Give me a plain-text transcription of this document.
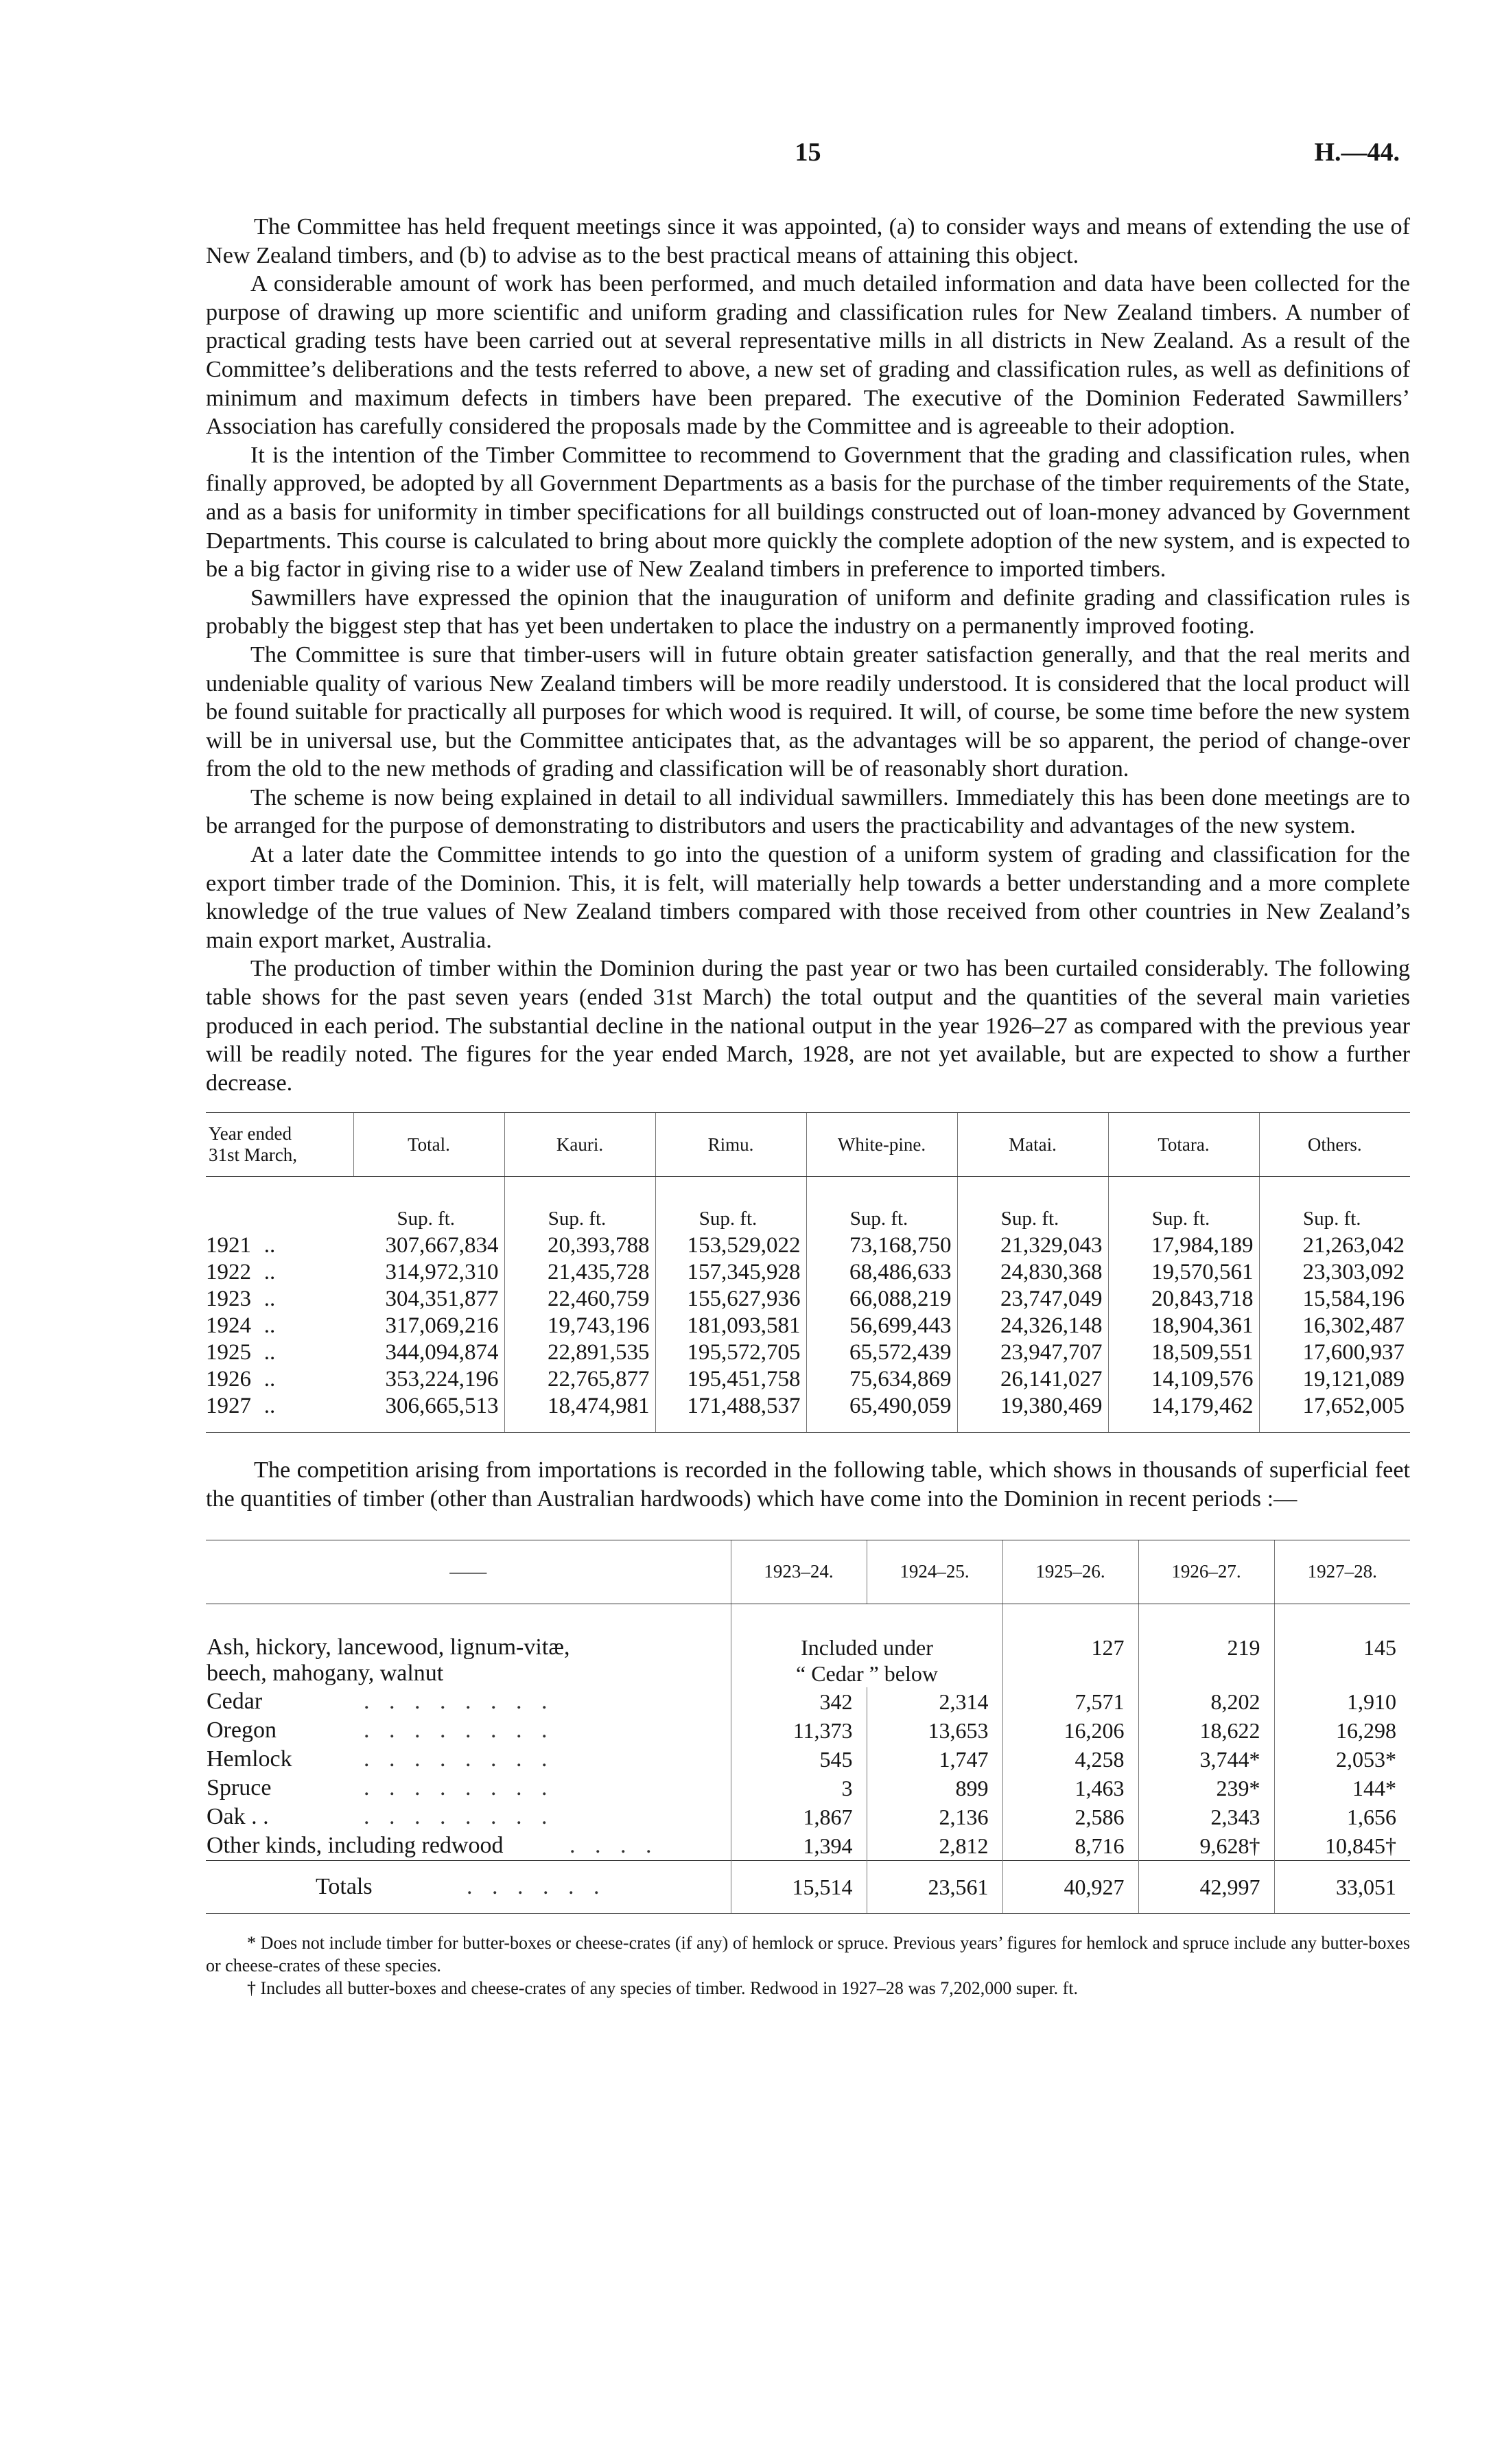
15	H.—44.

The Committee has held frequent meetings since it was appointed, (a) to consider ways and means of extending the use of New Zealand timbers, and (b) to advise as to the best practical means of attaining this object.

A considerable amount of work has been performed, and much detailed information and data have been collected for the purpose of drawing up more scientific and uniform grading and classification rules for New Zealand timbers. A number of practical grading tests have been carried out at several representative mills in all districts in New Zealand. As a result of the Committee’s deliberations and the tests referred to above, a new set of grading and classification rules, as well as definitions of minimum and maximum defects in timbers have been prepared. The executive of the Dominion Federated Sawmillers’ Association has carefully considered the proposals made by the Committee and is agreeable to their adoption.

It is the intention of the Timber Committee to recommend to Government that the grading and classification rules, when finally approved, be adopted by all Government Departments as a basis for the purchase of the timber requirements of the State, and as a basis for uniformity in timber specifications for all buildings constructed out of loan-money advanced by Government Departments. This course is calculated to bring about more quickly the complete adoption of the new system, and is expected to be a big factor in giving rise to a wider use of New Zealand timbers in preference to imported timbers.

Sawmillers have expressed the opinion that the inauguration of uniform and definite grading and classification rules is probably the biggest step that has yet been undertaken to place the industry on a permanently improved footing.

The Committee is sure that timber-users will in future obtain greater satisfaction generally, and that the real merits and undeniable quality of various New Zealand timbers will be more readily understood. It is considered that the local product will be found suitable for practically all purposes for which wood is required. It will, of course, be some time before the new system will be in universal use, but the Committee anticipates that, as the advantages will be so apparent, the period of change-over from the old to the new methods of grading and classification will be of reasonably short duration.

The scheme is now being explained in detail to all individual sawmillers. Immediately this has been done meetings are to be arranged for the purpose of demonstrating to distributors and users the practicability and advantages of the new system.

At a later date the Committee intends to go into the question of a uniform system of grading and classification for the export timber trade of the Dominion. This, it is felt, will materially help towards a better understanding and a more complete knowledge of the true values of New Zealand timbers compared with those received from other countries in New Zealand’s main export market, Australia.

The production of timber within the Dominion during the past year or two has been curtailed considerably. The following table shows for the past seven years (ended 31st March) the total output and the quantities of the several main varieties produced in each period. The substantial decline in the national output in the year 1926–27 as compared with the previous year will be readily noted. The figures for the year ended March, 1928, are not yet available, but are expected to show a further decrease.

Year ended
31st March,	Total.	Kauri.	Rimu.	White-pine.	Matai.	Totara.	Others.
	Sup. ft.	Sup. ft.	Sup. ft.	Sup. ft.	Sup. ft.	Sup. ft.	Sup. ft.
1921 ..	307,667,834	20,393,788	153,529,022	73,168,750	21,329,043	17,984,189	21,263,042
1922 ..	314,972,310	21,435,728	157,345,928	68,486,633	24,830,368	19,570,561	23,303,092
1923 ..	304,351,877	22,460,759	155,627,936	66,088,219	23,747,049	20,843,718	15,584,196
1924 ..	317,069,216	19,743,196	181,093,581	56,699,443	24,326,148	18,904,361	16,302,487
1925 ..	344,094,874	22,891,535	195,572,705	65,572,439	23,947,707	18,509,551	17,600,937
1926 ..	353,224,196	22,765,877	195,451,758	75,634,869	26,141,027	14,109,576	19,121,089
1927 ..	306,665,513	18,474,981	171,488,537	65,490,059	19,380,469	14,179,462	17,652,005

The competition arising from importations is recorded in the following table, which shows in thousands of superficial feet the quantities of timber (other than Australian hardwoods) which have come into the Dominion in recent periods :—

——	1923–24.	1924–25.	1925–26.	1926–27.	1927–28.
Ash, hickory, lancewood, lignum-vitæ,
beech, mahogany, walnut	Included under
“ Cedar ” below		127	219	145
Cedar . . . . . . . .	342	2,314	7,571	8,202	1,910
Oregon . . . . . . . .	11,373	13,653	16,206	18,622	16,298
Hemlock . . . . . . . .	545	1,747	4,258	3,744*	2,053*
Spruce . . . . . . . .	3	899	1,463	239*	144*
Oak . . . . . . . . . .	1,867	2,136	2,586	2,343	1,656
Other kinds, including redwood . . . .	1,394	2,812	8,716	9,628†	10,845†
Totals . . . . . .	15,514	23,561	40,927	42,997	33,051

* Does not include timber for butter-boxes or cheese-crates (if any) of hemlock or spruce. Previous years’ figures for hemlock and spruce include any butter-boxes or cheese-crates of these species.

† Includes all butter-boxes and cheese-crates of any species of timber. Redwood in 1927–28 was 7,202,000 super. ft.
